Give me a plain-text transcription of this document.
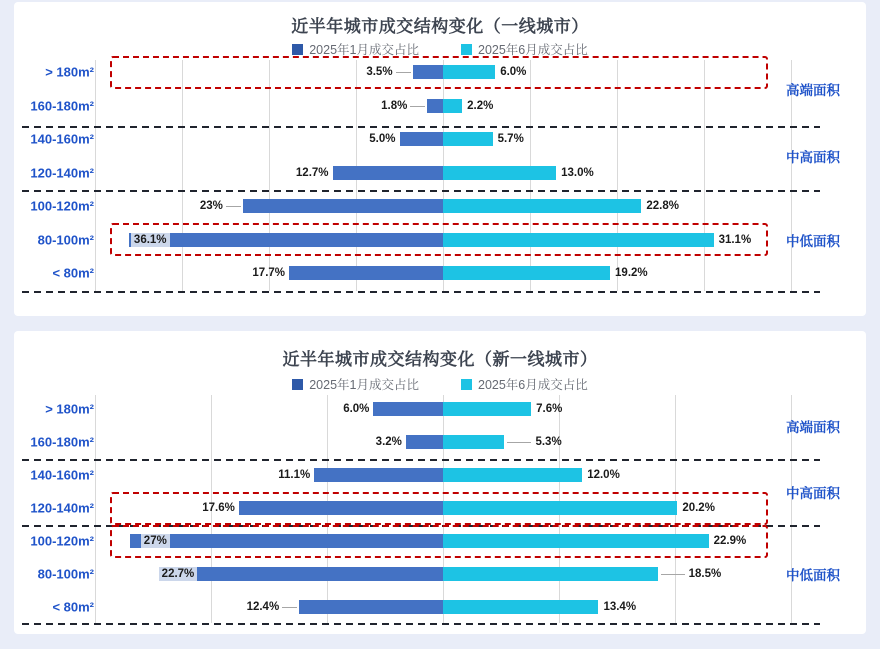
近半年城市成交结构变化（一线城市）
2025年1月成交占比	2025年6月成交占比
> 180m²	3.5%	6.0%
160-180m²	1.8%	2.2%
140-160m²	5.0%	5.7%
120-140m²	12.7%	13.0%
100-120m²	23%	22.8%
80-100m²	36.1%	31.1%
< 80m²	17.7%	19.2%
高端面积
中高面积
中低面积
近半年城市成交结构变化（新一线城市）
2025年1月成交占比	2025年6月成交占比
> 180m²	6.0%	7.6%
160-180m²	3.2%	5.3%
140-160m²	11.1%	12.0%
120-140m²	17.6%	20.2%
100-120m²	27%	22.9%
80-100m²	22.7%	18.5%
< 80m²	12.4%	13.4%
高端面积
中高面积
中低面积
